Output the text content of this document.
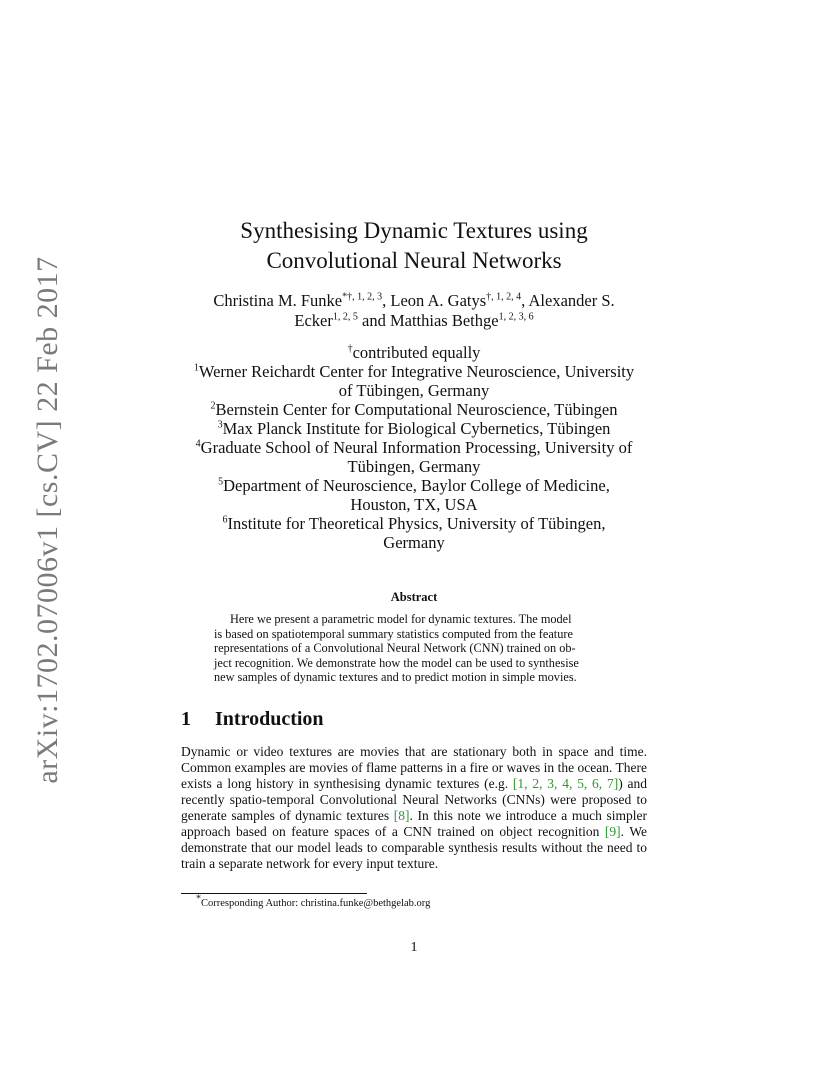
arXiv:1702.07006v1 [cs.CV] 22 Feb 2017
Synthesising Dynamic Textures using
Convolutional Neural Networks
Christina M. Funke$^{*\dagger, 1, 2, 3}$, Leon A. Gatys$^{\dagger, 1, 2, 4}$, Alexander S.
Ecker$^{1, 2, 5}$ and Matthias Bethge$^{1, 2, 3, 6}$
†contributed equally
$^1$Werner Reichardt Center for Integrative Neuroscience, University
of Tübingen, Germany
$^2$Bernstein Center for Computational Neuroscience, Tübingen
$^3$Max Planck Institute for Biological Cybernetics, Tübingen
$^4$Graduate School of Neural Information Processing, University of
Tübingen, Germany
$^5$Department of Neuroscience, Baylor College of Medicine,
Houston, TX, USA
$^6$Institute for Theoretical Physics, University of Tübingen,
Germany
Abstract
Here we present a parametric model for dynamic textures. The model
is based on spatiotemporal summary statistics computed from the feature
representations of a Convolutional Neural Network (CNN) trained on ob-
ject recognition. We demonstrate how the model can be used to synthesise
new samples of dynamic textures and to predict motion in simple movies.
1 Introduction
Dynamic or video textures are movies that are stationary both in space and time. Common examples are movies of flame patterns in a fire or waves in the ocean. There exists a long history in synthesising dynamic textures (e.g. [1, 2, 3, 4, 5, 6, 7]) and recently spatio-temporal Convolutional Neural Networks (CNNs) were proposed to generate samples of dynamic textures [8]. In this note we introduce a much simpler approach based on feature spaces of a CNN trained on object recognition [9]. We demonstrate that our model leads to comparable synthesis results without the need to train a separate network for every input texture.
*Corresponding Author: christina.funke@bethgelab.org
1
